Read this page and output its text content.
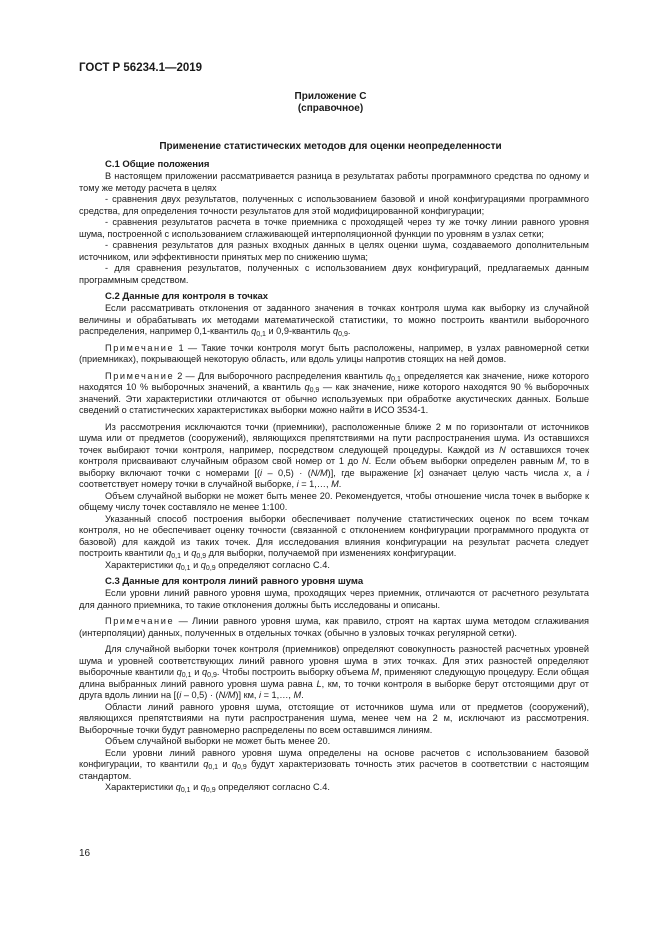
ГОСТ Р 56234.1—2019
Приложение С
(справочное)
Применение статистических методов для оценки неопределенности
С.1 Общие положения

В настоящем приложении рассматривается разница в результатах работы программного средства по одному и тому же методу расчета в целях

- сравнения двух результатов, полученных с использованием базовой и иной конфигурациями программного средства, для определения точности результатов для этой модифицированной конфигурации;

- сравнения результатов расчета в точке приемника с проходящей через ту же точку линии равного уровня шума, построенной с использованием сглаживающей интерполяционной функции по уровням в узлах сетки;

- сравнения результатов для разных входных данных в целях оценки шума, создаваемого дополнительным источником, или эффективности принятых мер по снижению шума;

- для сравнения результатов, полученных с использованием двух конфигураций, предлагаемых данным программным средством.

С.2 Данные для контроля в точках

Если рассматривать отклонения от заданного значения в точках контроля шума как выборку из случайной величины и обрабатывать их методами математической статистики, то можно построить квантили выборочного распределения, например 0,1-квантиль $q_{0,1}$ и 0,9-квантиль $q_{0,9}$.

Примечание 1 — Такие точки контроля могут быть расположены, например, в узлах равномерной сетки (приемниках), покрывающей некоторую область, или вдоль улицы напротив стоящих на ней домов.

Примечание 2 — Для выборочного распределения квантиль $q_{0,1}$ определяется как значение, ниже которого находятся 10 % выборочных значений, а квантиль $q_{0,9}$ — как значение, ниже которого находятся 90 % выборочных значений. Эти характеристики отличаются от обычно используемых при обработке акустических данных. Больше сведений о статистических характеристиках выборки можно найти в ИСО 3534-1.

Из рассмотрения исключаются точки (приемники), расположенные ближе 2 м по горизонтали от источников шума или от предметов (сооружений), являющихся препятствиями на пути распространения шума. Из оставшихся точек выбирают точки контроля, например, посредством следующей процедуры. Каждой из N оставшихся точек контроля присваивают случайным образом свой номер от 1 до N. Если объем выборки определен равным M, то в выборку включают точки с номерами [(i – 0,5) · (N/M)], где выражение [x] означает целую часть числа x, а i соответствует номеру точки в случайной выборке, i = 1,…, M.

Объем случайной выборки не может быть менее 20. Рекомендуется, чтобы отношение числа точек в выборке к общему числу точек составляло не менее 1:100.

Указанный способ построения выборки обеспечивает получение статистических оценок по всем точкам контроля, но не обеспечивает оценку точности (связанной с отклонением конфигурации программного продукта от базовой) для каждой из таких точек. Для исследования влияния конфигурации на результат расчета следует построить квантили $q_{0,1}$ и $q_{0,9}$ для выборки, получаемой при изменениях конфигурации.

Характеристики $q_{0,1}$ и $q_{0,9}$ определяют согласно С.4.

С.3 Данные для контроля линий равного уровня шума

Если уровни линий равного уровня шума, проходящих через приемник, отличаются от расчетного результата для данного приемника, то такие отклонения должны быть исследованы и описаны.

Примечание — Линии равного уровня шума, как правило, строят на картах шума методом сглаживания (интерполяции) данных, полученных в отдельных точках (обычно в узловых точках регулярной сетки).

Для случайной выборки точек контроля (приемников) определяют совокупность разностей расчетных уровней шума и уровней соответствующих линий равного уровня шума в этих точках. Для этих разностей определяют выборочные квантили $q_{0,1}$ и $q_{0,9}$. Чтобы построить выборку объема M, применяют следующую процедуру. Если общая длина выбранных линий равного уровня шума равна L, км, то точки контроля в выборке берут отстоящими друг от друга вдоль линии на [(i – 0,5) · (N/M)] км, i = 1,…, M.

Области линий равного уровня шума, отстоящие от источников шума или от предметов (сооружений), являющихся препятствиями на пути распространения шума, менее чем на 2 м, исключают из рассмотрения. Выборочные точки будут равномерно распределены по всем оставшимся линиям.

Объем случайной выборки не может быть менее 20.

Если уровни линий равного уровня шума определены на основе расчетов с использованием базовой конфигурации, то квантили $q_{0,1}$ и $q_{0,9}$ будут характеризовать точность этих расчетов в соответствии с настоящим стандартом.

Характеристики $q_{0,1}$ и $q_{0,9}$ определяют согласно С.4.

16
